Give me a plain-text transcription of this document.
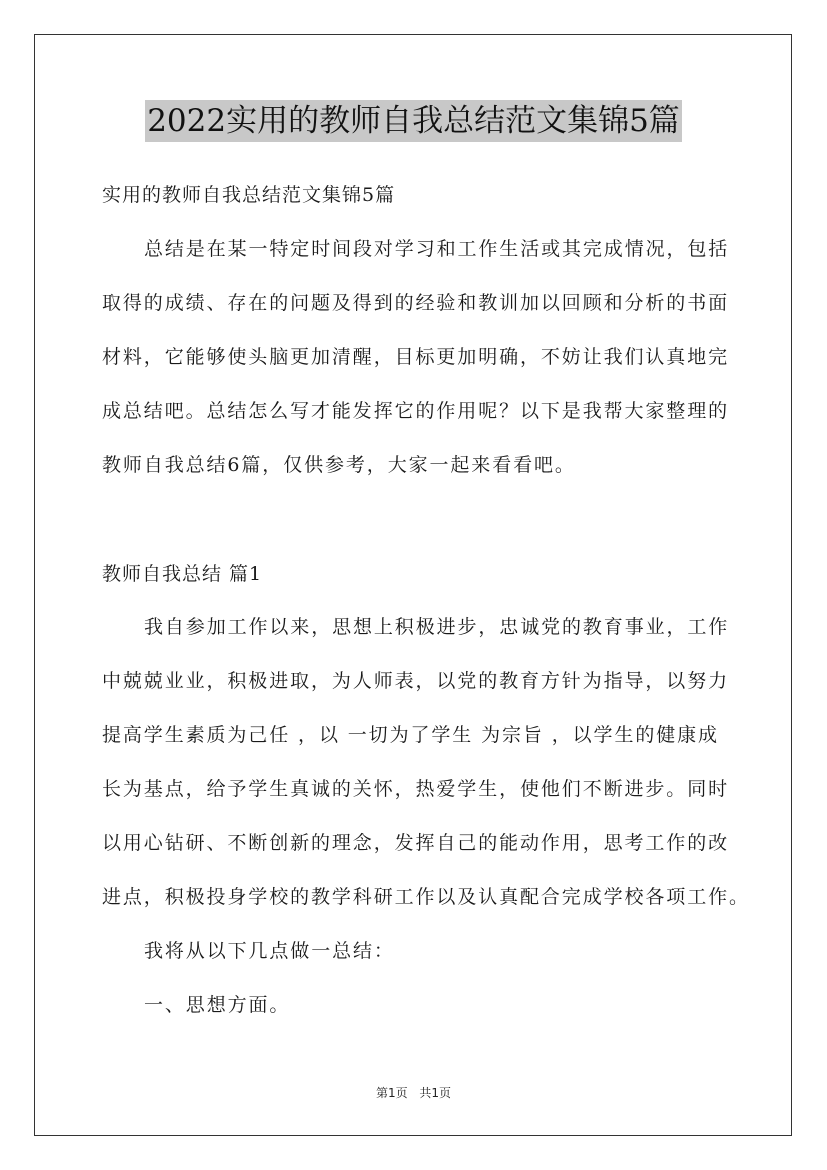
2022实用的教师自我总结范文集锦5篇
实用的教师自我总结范文集锦5篇
总结是在某一特定时间段对学习和工作生活或其完成情况，包括
取得的成绩、存在的问题及得到的经验和教训加以回顾和分析的书面
材料，它能够使头脑更加清醒，目标更加明确，不妨让我们认真地完
成总结吧。总结怎么写才能发挥它的作用呢？以下是我帮大家整理的
教师自我总结6篇，仅供参考，大家一起来看看吧。
教师自我总结 篇1
我自参加工作以来，思想上积极进步，忠诚党的教育事业，工作
中兢兢业业，积极进取，为人师表，以党的教育方针为指导，以努力
提高学生素质为己任 ，以 一切为了学生 为宗旨 ，以学生的健康成
长为基点，给予学生真诚的关怀，热爱学生，使他们不断进步。同时
以用心钻研、不断创新的理念，发挥自己的能动作用，思考工作的改
进点，积极投身学校的教学科研工作以及认真配合完成学校各项工作。
我将从以下几点做一总结：
一、思想方面。
第1页 共1页
